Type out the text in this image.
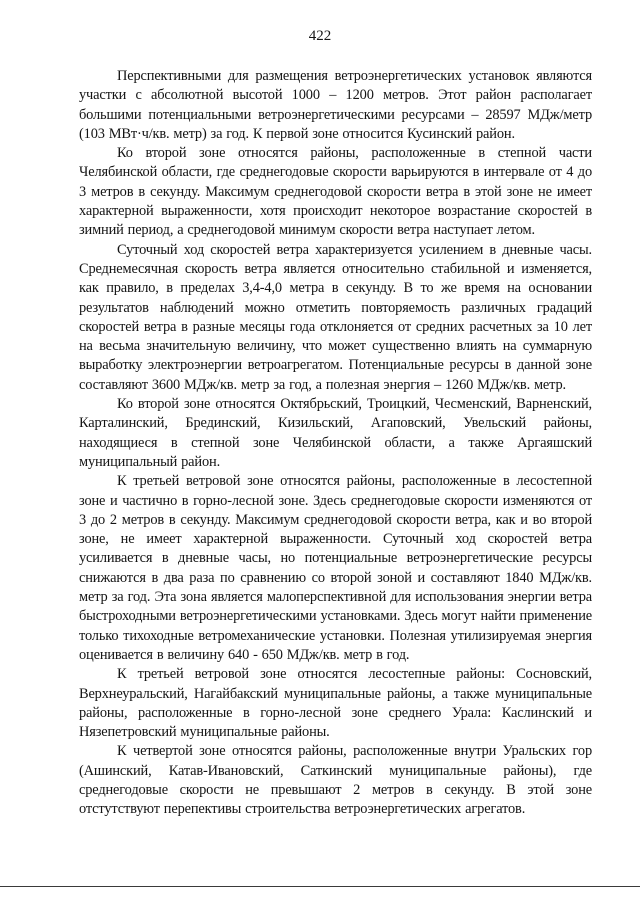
422

Перспективными для размещения ветроэнергетических установок являются участки с абсолютной высотой 1000 – 1200 метров. Этот район располагает большими потенциальными ветроэнергетическими ресурсами – 28597 МДж/метр (103 МВт·ч/кв. метр) за год. К первой зоне относится Кусинский район.

Ко второй зоне относятся районы, расположенные в степной части Челябинской области, где среднегодовые скорости варьируются в интервале от 4 до 3 метров в секунду. Максимум среднегодовой скорости ветра в этой зоне не имеет характерной выраженности, хотя происходит некоторое возрастание скоростей в зимний период, а среднегодовой минимум скорости ветра наступает летом.

Суточный ход скоростей ветра характеризуется усилением в дневные часы. Среднемесячная скорость ветра является относительно стабильной и изменяется, как правило, в пределах 3,4-4,0 метра в секунду. В то же время на основании результатов наблюдений можно отметить повторяемость различных градаций скоростей ветра в разные месяцы года отклоняется от средних расчетных за 10 лет на весьма значительную величину, что может существенно влиять на суммарную выработку электроэнергии ветроагрегатом. Потенциальные ресурсы в данной зоне составляют 3600 МДж/кв. метр за год, а полезная энергия – 1260 МДж/кв. метр.

Ко второй зоне относятся Октябрьский, Троицкий, Чесменский, Варненский, Карталинский, Брединский, Кизильский, Агаповский, Увельский районы, находящиеся в степной зоне Челябинской области, а также Аргаяшский муниципальный район.

К третьей ветровой зоне относятся районы, расположенные в лесостепной зоне и частично в горно-лесной зоне. Здесь среднегодовые скорости изменяются от 3 до 2 метров в секунду. Максимум среднегодовой скорости ветра, как и во второй зоне, не имеет характерной выраженности. Суточный ход скоростей ветра усиливается в дневные часы, но потенциальные ветроэнергетические ресурсы снижаются в два раза по сравнению со второй зоной и составляют 1840 МДж/кв. метр за год. Эта зона является малоперспективной для использования энергии ветра быстроходными ветроэнергетическими установками. Здесь могут найти применение только тихоходные ветромеханические установки. Полезная утилизируемая энергия оценивается в величину 640 - 650 МДж/кв. метр в год.

К третьей ветровой зоне относятся лесостепные районы: Сосновский, Верхнеуральский, Нагайбакский муниципальные районы, а также муниципальные районы, расположенные в горно-лесной зоне среднего Урала: Каслинский и Нязепетровский муниципальные районы.

К четвертой зоне относятся районы, расположенные внутри Уральских гор (Ашинский, Катав-Ивановский, Саткинский муниципальные районы), где среднегодовые скорости не превышают 2 метров в секунду. В этой зоне отстутствуют перепективы строительства ветроэнергетических агрегатов.
